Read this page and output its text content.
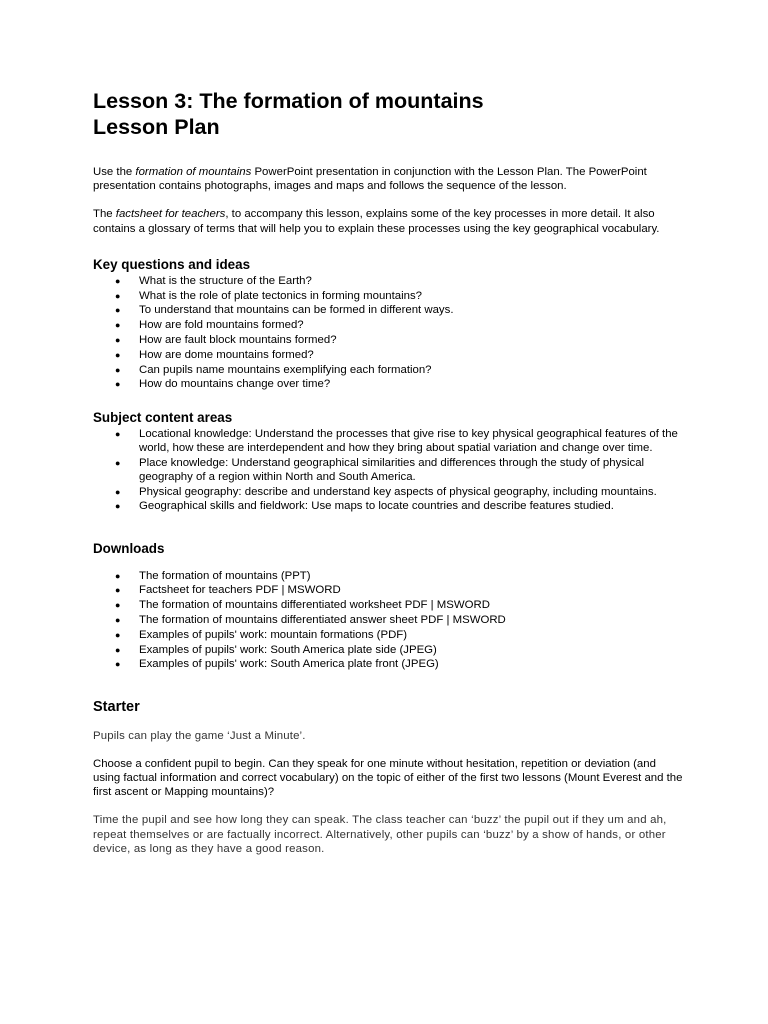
Lesson 3: The formation of mountains
Lesson Plan

Use the formation of mountains PowerPoint presentation in conjunction with the Lesson Plan. The PowerPoint presentation contains photographs, images and maps and follows the sequence of the lesson.

The factsheet for teachers, to accompany this lesson, explains some of the key processes in more detail. It also contains a glossary of terms that will help you to explain these processes using the key geographical vocabulary.

Key questions and ideas
● What is the structure of the Earth?
● What is the role of plate tectonics in forming mountains?
● To understand that mountains can be formed in different ways.
● How are fold mountains formed?
● How are fault block mountains formed?
● How are dome mountains formed?
● Can pupils name mountains exemplifying each formation?
● How do mountains change over time?
Subject content areas
● Locational knowledge: Understand the processes that give rise to key physical geographical features of the world, how these are interdependent and how they bring about spatial variation and change over time.
● Place knowledge: Understand geographical similarities and differences through the study of physical geography of a region within North and South America.
● Physical geography: describe and understand key aspects of physical geography, including mountains.
● Geographical skills and fieldwork: Use maps to locate countries and describe features studied.
Downloads
● The formation of mountains (PPT)
● Factsheet for teachers PDF | MSWORD
● The formation of mountains differentiated worksheet PDF | MSWORD
● The formation of mountains differentiated answer sheet PDF | MSWORD
● Examples of pupils' work: mountain formations (PDF)
● Examples of pupils' work: South America plate side (JPEG)
● Examples of pupils' work: South America plate front (JPEG)
Starter

Pupils can play the game ‘Just a Minute’.

Choose a confident pupil to begin. Can they speak for one minute without hesitation, repetition or deviation (and using factual information and correct vocabulary) on the topic of either of the first two lessons (Mount Everest and the first ascent or Mapping mountains)?

Time the pupil and see how long they can speak. The class teacher can ‘buzz’ the pupil out if they um and ah, repeat themselves or are factually incorrect. Alternatively, other pupils can ‘buzz’ by a show of hands, or other device, as long as they have a good reason.
